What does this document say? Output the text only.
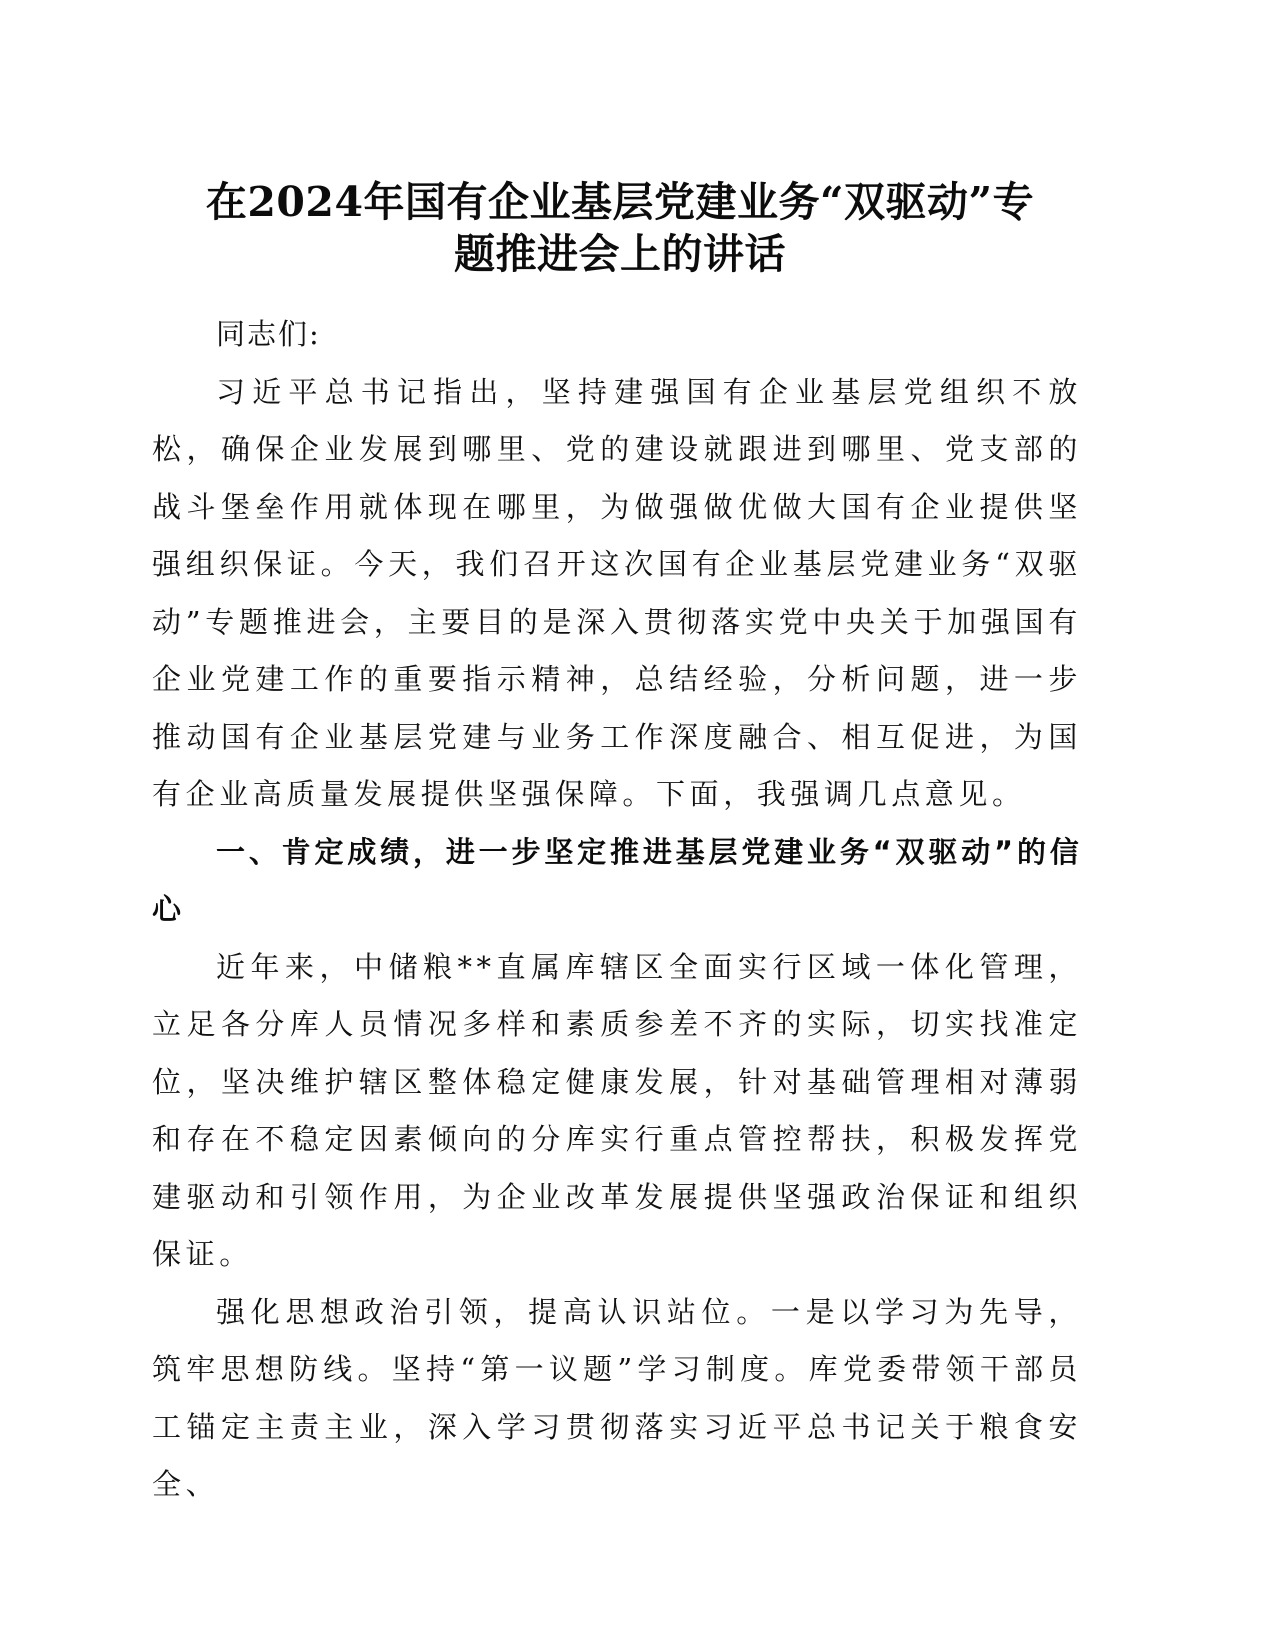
在2024年国有企业基层党建业务“双驱动”专
题推进会上的讲话

同志们:

习近平总书记指出，坚持建强国有企业基层党组织不放松，确保企业发展到哪里、党的建设就跟进到哪里、党支部的战斗堡垒作用就体现在哪里，为做强做优做大国有企业提供坚强组织保证。今天，我们召开这次国有企业基层党建业务“双驱动”专题推进会，主要目的是深入贯彻落实党中央关于加强国有企业党建工作的重要指示精神，总结经验，分析问题，进一步推动国有企业基层党建与业务工作深度融合、相互促进，为国有企业高质量发展提供坚强保障。下面，我强调几点意见。

一、肯定成绩，进一步坚定推进基层党建业务“双驱动”的信心

近年来，中储粮**直属库辖区全面实行区域一体化管理，立足各分库人员情况多样和素质参差不齐的实际，切实找准定位，坚决维护辖区整体稳定健康发展，针对基础管理相对薄弱和存在不稳定因素倾向的分库实行重点管控帮扶，积极发挥党建驱动和引领作用，为企业改革发展提供坚强政治保证和组织保证。

强化思想政治引领，提高认识站位。一是以学习为先导，筑牢思想防线。坚持“第一议题”学习制度。库党委带领干部员工锚定主责主业，深入学习贯彻落实习近平总书记关于粮食安全、
